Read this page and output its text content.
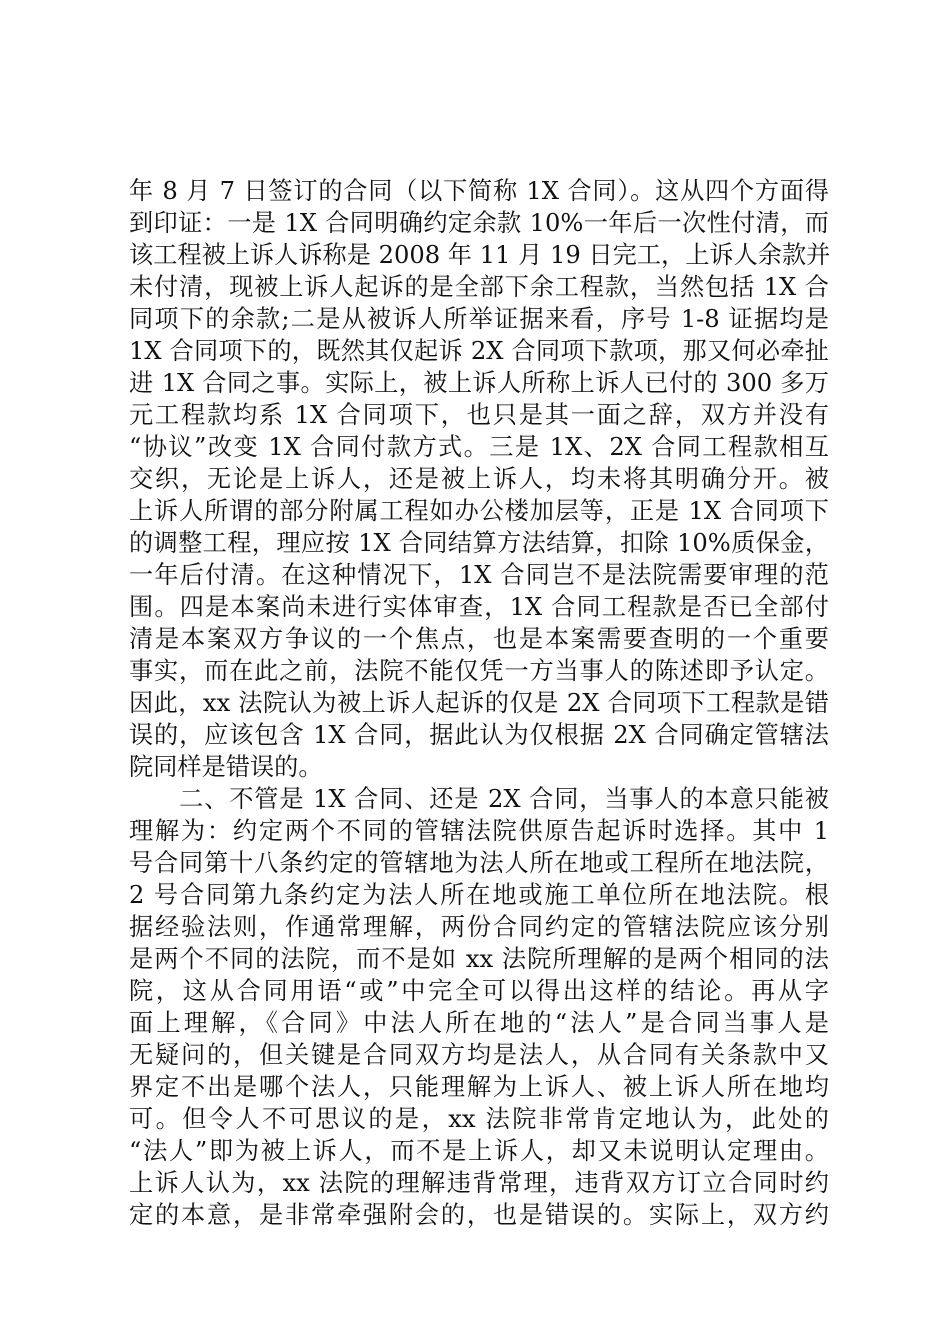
年 8 月 7 日签订的合同（以下简称 1X 合同）。这从四个方面得
到印证：一是 1X 合同明确约定余款 10%一年后一次性付清，而
该工程被上诉人诉称是 2008 年 11 月 19 日完工，上诉人余款并
未付清，现被上诉人起诉的是全部下余工程款，当然包括 1X 合
同项下的余款;二是从被诉人所举证据来看，序号 1-8 证据均是
1X 合同项下的，既然其仅起诉 2X 合同项下款项，那又何必牵扯
进 1X 合同之事。实际上，被上诉人所称上诉人已付的 300 多万
元工程款均系 1X 合同项下，也只是其一面之辞，双方并没有
“协议”改变 1X 合同付款方式。三是 1X、2X 合同工程款相互
交织，无论是上诉人，还是被上诉人，均未将其明确分开。被
上诉人所谓的部分附属工程如办公楼加层等，正是 1X 合同项下
的调整工程，理应按 1X 合同结算方法结算，扣除 10%质保金，
一年后付清。在这种情况下，1X 合同岂不是法院需要审理的范
围。四是本案尚未进行实体审查，1X 合同工程款是否已全部付
清是本案双方争议的一个焦点，也是本案需要查明的一个重要
事实，而在此之前，法院不能仅凭一方当事人的陈述即予认定。
因此，xx 法院认为被上诉人起诉的仅是 2X 合同项下工程款是错
误的，应该包含 1X 合同，据此认为仅根据 2X 合同确定管辖法
院同样是错误的。
　　二、不管是 1X 合同、还是 2X 合同，当事人的本意只能被
理解为：约定两个不同的管辖法院供原告起诉时选择。其中 1
号合同第十八条约定的管辖地为法人所在地或工程所在地法院，
2 号合同第九条约定为法人所在地或施工单位所在地法院。根
据经验法则，作通常理解，两份合同约定的管辖法院应该分别
是两个不同的法院，而不是如 xx 法院所理解的是两个相同的法
院，这从合同用语“或”中完全可以得出这样的结论。再从字
面上理解，《合同》中法人所在地的“法人”是合同当事人是
无疑问的，但关键是合同双方均是法人，从合同有关条款中又
界定不出是哪个法人，只能理解为上诉人、被上诉人所在地均
可。但令人不可思议的是，xx 法院非常肯定地认为，此处的
“法人”即为被上诉人，而不是上诉人，却又未说明认定理由。
上诉人认为，xx 法院的理解违背常理，违背双方订立合同时约
定的本意，是非常牵强附会的，也是错误的。实际上，双方约
